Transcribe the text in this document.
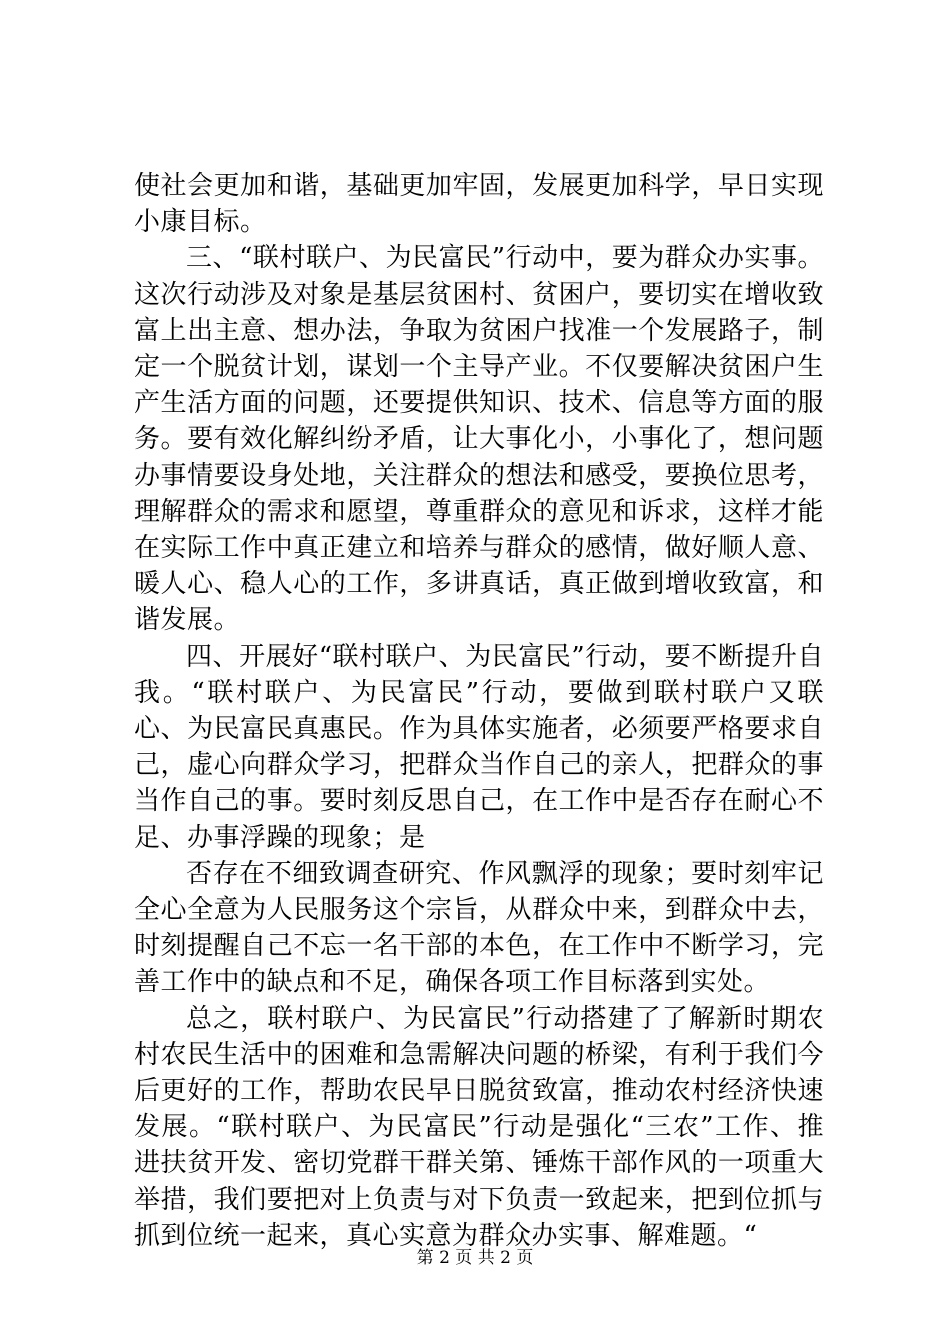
使社会更加和谐，基础更加牢固，发展更加科学，早日实现小康目标。

三、“联村联户、为民富民”行动中，要为群众办实事。这次行动涉及对象是基层贫困村、贫困户，要切实在增收致富上出主意、想办法，争取为贫困户找准一个发展路子，制定一个脱贫计划，谋划一个主导产业。不仅要解决贫困户生产生活方面的问题，还要提供知识、技术、信息等方面的服务。要有效化解纠纷矛盾，让大事化小，小事化了，想问题办事情要设身处地，关注群众的想法和感受，要换位思考，理解群众的需求和愿望，尊重群众的意见和诉求，这样才能在实际工作中真正建立和培养与群众的感情，做好顺人意、暖人心、稳人心的工作，多讲真话，真正做到增收致富，和谐发展。

四、开展好“联村联户、为民富民”行动，要不断提升自我。“联村联户、为民富民”行动，要做到联村联户又联心、为民富民真惠民。作为具体实施者，必须要严格要求自己，虚心向群众学习，把群众当作自己的亲人，把群众的事当作自己的事。要时刻反思自己，在工作中是否存在耐心不足、办事浮躁的现象；是

否存在不细致调查研究、作风飘浮的现象；要时刻牢记全心全意为人民服务这个宗旨，从群众中来，到群众中去，时刻提醒自己不忘一名干部的本色，在工作中不断学习，完善工作中的缺点和不足，确保各项工作目标落到实处。

总之，联村联户、为民富民”行动搭建了了解新时期农村农民生活中的困难和急需解决问题的桥梁，有利于我们今后更好的工作，帮助农民早日脱贫致富，推动农村经济快速发展。“联村联户、为民富民”行动是强化“三农”工作、推进扶贫开发、密切党群干群关第、锤炼干部作风的一项重大举措，我们要把对上负责与对下负责一致起来，把到位抓与抓到位统一起来，真心实意为群众办实事、解难题。“

第 2 页 共 2 页
